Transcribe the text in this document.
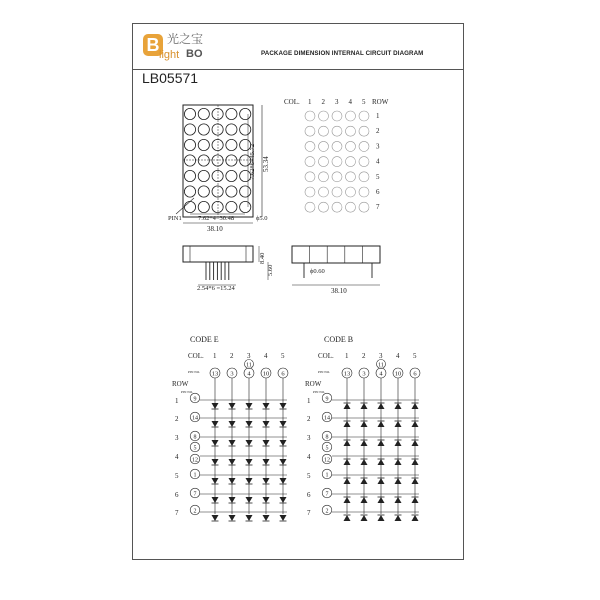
B 光之宝
light BO	PACKAGE DIMENSION INTERNAL CIRCUIT DIAGRAM
LB05571
7.62*4=30.48
38.10
ϕ5.0
PIN1
7.62*6=45.72 53.34
1 2 3 4 5
1
2
3
4
5
6
7
COL.	ROW
8.40
5.60
2.54*6 =15.24
ϕ0.60
38.10
1 2 3 4 5
13 3 4 10 6
11
1
2
3
4
5
6
7
9
14
8
5
12
1
7
2
CODE E
COL.
ROW
PIN NO.
PIN NO.
1 2 3 4 5
13 3 4 10 6
11
1
2
3
4
5
6
7
9
14
8
5
12
1
7
2
CODE B
COL.
ROW
PIN NO.
PIN NO.
